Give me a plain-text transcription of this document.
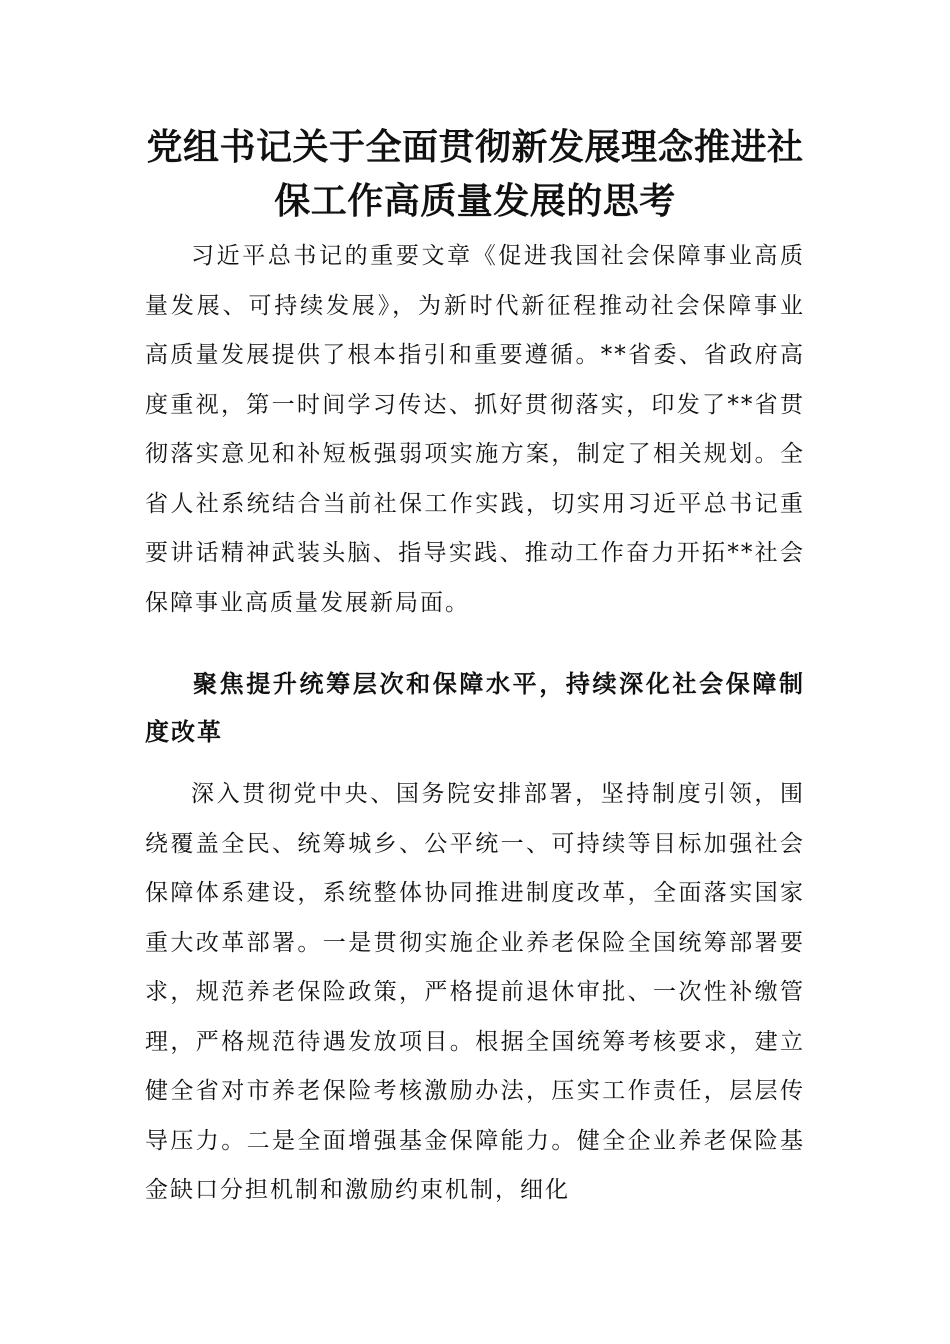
党组书记关于全面贯彻新发展理念推进社
保工作高质量发展的思考

习近平总书记的重要文章《促进我国社会保障事业高质量发展、可持续发展》，为新时代新征程推动社会保障事业高质量发展提供了根本指引和重要遵循。**省委、省政府高度重视，第一时间学习传达、抓好贯彻落实，印发了**省贯彻落实意见和补短板强弱项实施方案，制定了相关规划。全省人社系统结合当前社保工作实践，切实用习近平总书记重要讲话精神武装头脑、指导实践、推动工作奋力开拓**社会保障事业高质量发展新局面。

聚焦提升统筹层次和保障水平，持续深化社会保障制度改革

深入贯彻党中央、国务院安排部署，坚持制度引领，围绕覆盖全民、统筹城乡、公平统一、可持续等目标加强社会保障体系建设，系统整体协同推进制度改革，全面落实国家重大改革部署。一是贯彻实施企业养老保险全国统筹部署要求，规范养老保险政策，严格提前退休审批、一次性补缴管理，严格规范待遇发放项目。根据全国统筹考核要求，建立健全省对市养老保险考核激励办法，压实工作责任，层层传导压力。二是全面增强基金保障能力。健全企业养老保险基金缺口分担机制和激励约束机制，细化
